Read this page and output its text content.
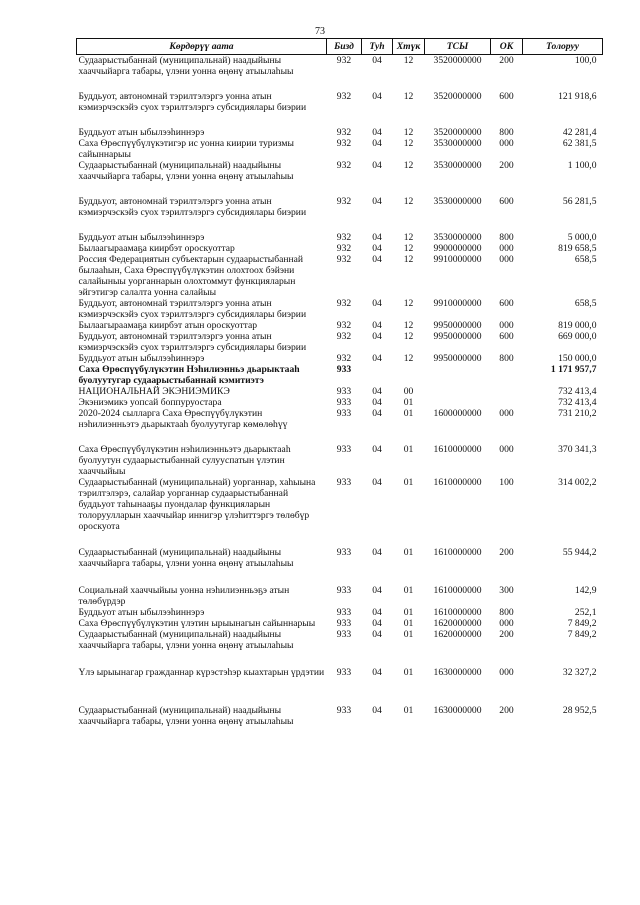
73
Көрдөрүү аата	Бизд	Туһ	Хтүк	ТСЫ	ОК	Толоруу
Судаарыстыбаннай (муниципальнай) наадыйыны хааччыйарга табары, үлэни уонна өңөнү атыылаһыы	932	04	12	3520000000	200	100,0
Буддьуот, автономнай тэрилтэлэргэ уонна атын кэмиэрчэскэйэ суох тэрилтэлэргэ субсидиялары биэрии	932	04	12	3520000000	600	121 918,6
Буддьуот атын ыбылээһиннэрэ	932	04	12	3520000000	800	42 281,4
Саха Өрөспүүбүлүкэтигэр ис уонна киирии туризмы сайыннарыы	932	04	12	3530000000	000	62 381,5
Судаарыстыбаннай (муниципальнай) наадыйыны хааччыйарга табары, үлэни уонна өңөнү атыылаһыы	932	04	12	3530000000	200	1 100,0
Буддьуот, автономнай тэрилтэлэргэ уонна атын кэмиэрчэскэйэ суох тэрилтэлэргэ субсидиялары биэрии	932	04	12	3530000000	600	56 281,5
Буддьуот атын ыбылээһиннэрэ	932	04	12	3530000000	800	5 000,0
Былаагыраамаҕа киирбэт ороскуоттар	932	04	12	9900000000	000	819 658,5
Россия Федерациятын субъектарын судаарыстыбаннай былааһын, Саха Өрөспүүбүлүкэтин олохтоох бэйэни салайыныы уорганнарын олохтоммут функцияларын эйгэтигэр салалта уонна салайыы	932	04	12	9910000000	000	658,5
Буддьуот, автономнай тэрилтэлэргэ уонна атын кэмиэрчэскэйэ суох тэрилтэлэргэ субсидиялары биэрии	932	04	12	9910000000	600	658,5
Былаагыраамаҕа киирбэт атын ороскуоттар	932	04	12	9950000000	000	819 000,0
Буддьуот, автономнай тэрилтэлэргэ уонна атын кэмиэрчэскэйэ суох тэрилтэлэргэ субсидиялары биэрии	932	04	12	9950000000	600	669 000,0
Буддьуот атын ыбылээһиннэрэ	932	04	12	9950000000	800	150 000,0
Саха Өрөспүүбүлүкэтин Нэһилиэнньэ дьарыктааһ буолуутугар судаарыстыбаннай кэмитиэтэ	933					1 171 957,7
НАЦИОНАЛЬНАЙ ЭКЭНИЭМИКЭ	933	04	00			732 413,4
Экэниэмикэ уопсай боппуруостара	933	04	01			732 413,4
2020-2024 сылларга Саха Өрөспүүбүлүкэтин нэһилиэнньэтэ дьарыктааһ буолуутугар көмөлөһүү	933	04	01	1600000000	000	731 210,2
Саха Өрөспүүбүлүкэтин нэһилиэнньэтэ дьарыктааһ буолуутун судаарыстыбаннай сулууспатын үлэтин хааччыйыы	933	04	01	1610000000	000	370 341,3
Судаарыстыбаннай (муниципальнай) уорганнар, хаһыына тэрилтэлэрэ, салайар уорганнар судаарыстыбаннай буддьуот таһынааҕы пуондалар функцияларын толоруулларын хааччыйар иннигэр үлэһиттэргэ төлөбүр ороскуота	933	04	01	1610000000	100	314 002,2
Судаарыстыбаннай (муниципальнай) наадыйыны хааччыйарга табары, үлэни уонна өңөнү атыылаһыы	933	04	01	1610000000	200	55 944,2
Социальнай хааччыйыы уонна нэһилиэнньэҕэ атын төлөбүрдэр	933	04	01	1610000000	300	142,9
Буддьуот атын ыбылээһиннэрэ	933	04	01	1610000000	800	252,1
Саха Өрөспүүбүлүкэтин үлэтин ырыынагын сайыннарыы	933	04	01	1620000000	000	7 849,2
Судаарыстыбаннай (муниципальнай) наадыйыны хааччыйарга табары, үлэни уонна өңөнү атыылаһыы	933	04	01	1620000000	200	7 849,2
Үлэ ырыынагар гражданнар күрэстэһэр кыахтарын үрдэтии	933	04	01	1630000000	000	32 327,2
Судаарыстыбаннай (муниципальнай) наадыйыны хааччыйарга табары, үлэни уонна өңөнү атыылаһыы	933	04	01	1630000000	200	28 952,5
